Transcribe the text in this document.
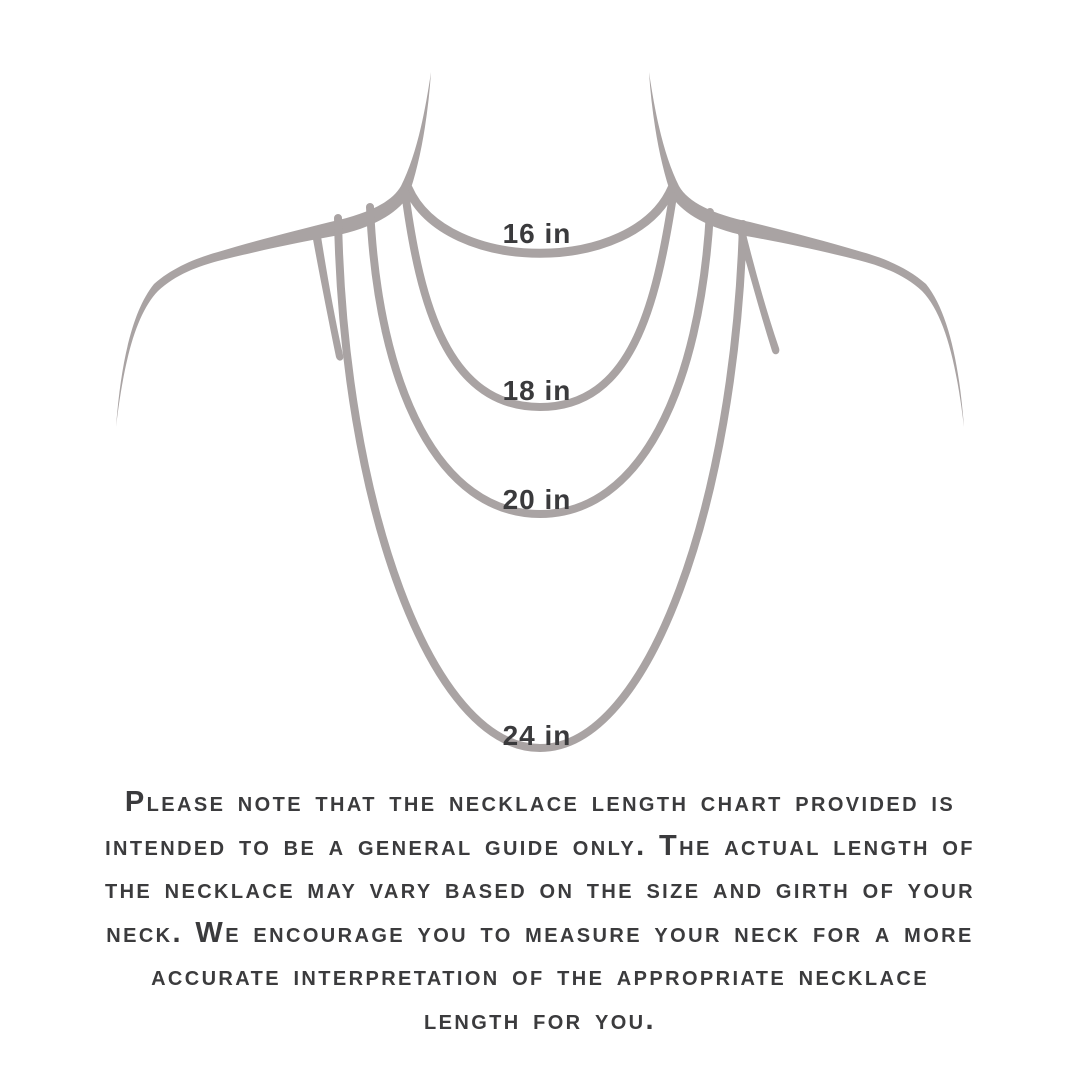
16 in
18 in
20 in
24 in
Please note that the necklace length chart provided is
intended to be a general guide only. The actual length of
the necklace may vary based on the size and girth of your
neck. We encourage you to measure your neck for a more
accurate interpretation of the appropriate necklace
length for you.
